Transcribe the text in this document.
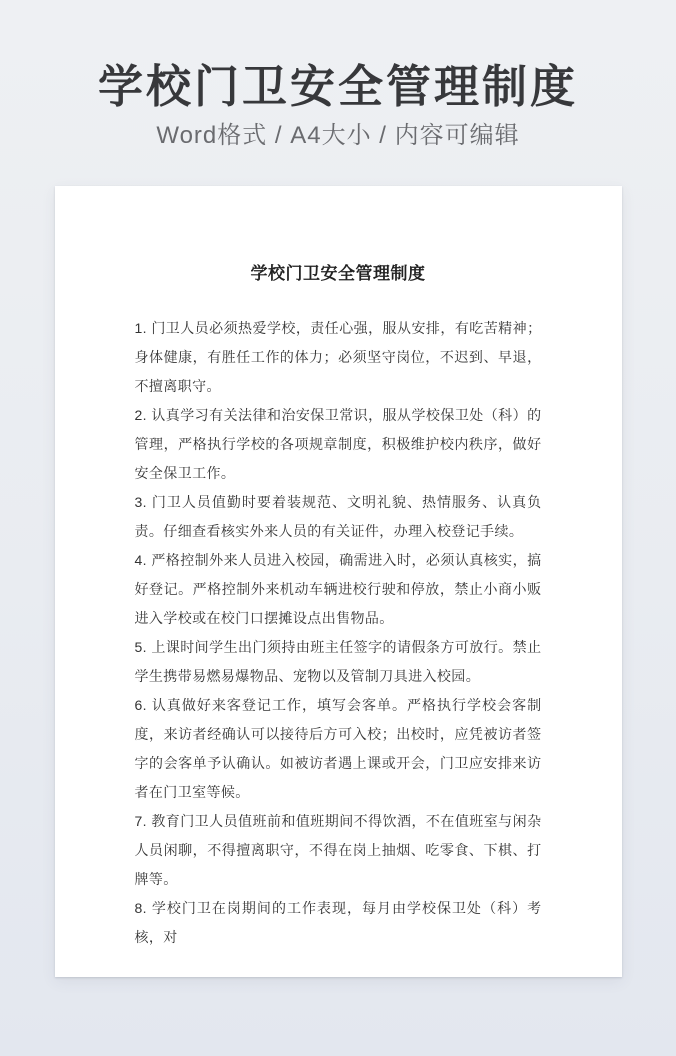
学校门卫安全管理制度

Word格式 / A4大小 / 内容可编辑

学校门卫安全管理制度

1. 门卫人员必须热爱学校，责任心强，服从安排，有吃苦精神；身体健康，有胜任工作的体力；必须坚守岗位，不迟到、早退，不擅离职守。

2. 认真学习有关法律和治安保卫常识，服从学校保卫处（科）的管理，严格执行学校的各项规章制度，积极维护校内秩序，做好安全保卫工作。

3. 门卫人员值勤时要着装规范、文明礼貌、热情服务、认真负责。仔细查看核实外来人员的有关证件，办理入校登记手续。

4. 严格控制外来人员进入校园，确需进入时，必须认真核实，搞好登记。严格控制外来机动车辆进校行驶和停放，禁止小商小贩进入学校或在校门口摆摊设点出售物品。

5. 上课时间学生出门须持由班主任签字的请假条方可放行。禁止学生携带易燃易爆物品、宠物以及管制刀具进入校园。

6. 认真做好来客登记工作，填写会客单。严格执行学校会客制度，来访者经确认可以接待后方可入校；出校时，应凭被访者签字的会客单予认确认。如被访者遇上课或开会，门卫应安排来访者在门卫室等候。

7. 教育门卫人员值班前和值班期间不得饮酒，不在值班室与闲杂人员闲聊，不得擅离职守，不得在岗上抽烟、吃零食、下棋、打牌等。

8. 学校门卫在岗期间的工作表现，每月由学校保卫处（科）考核，对
